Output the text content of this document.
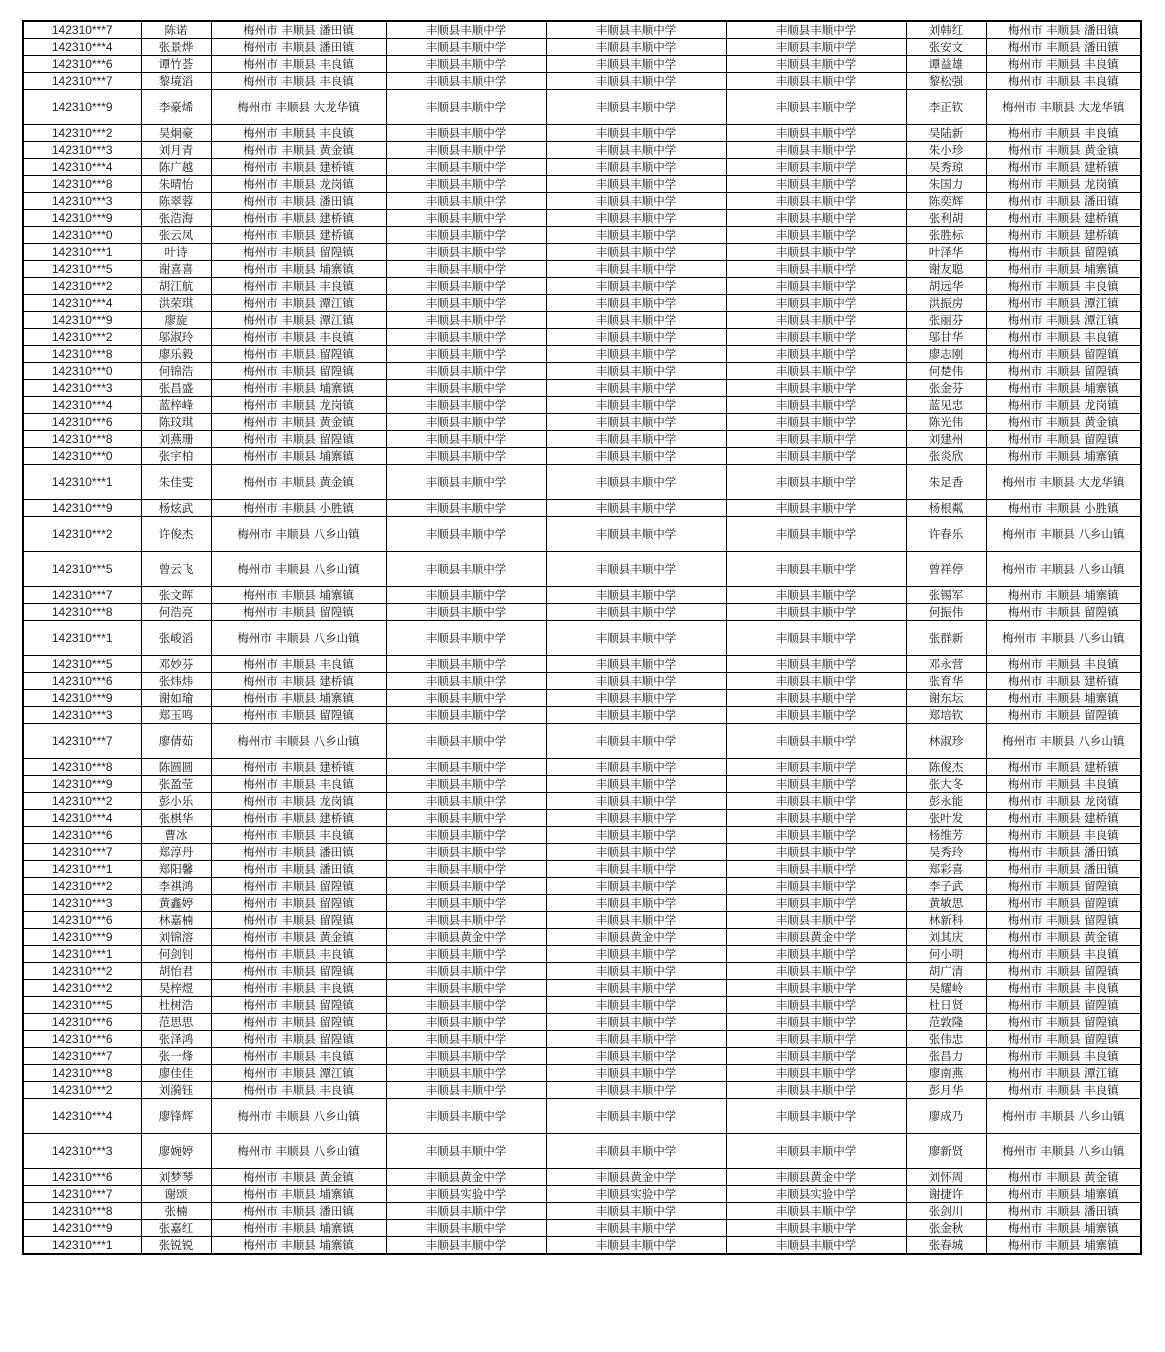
142310***7	陈诺	梅州市 丰顺县 潘田镇	丰顺县丰顺中学	丰顺县丰顺中学	丰顺县丰顺中学	刘韩红	梅州市 丰顺县 潘田镇
142310***4	张景烨	梅州市 丰顺县 潘田镇	丰顺县丰顺中学	丰顺县丰顺中学	丰顺县丰顺中学	张安文	梅州市 丰顺县 潘田镇
142310***6	谭竹荟	梅州市 丰顺县 丰良镇	丰顺县丰顺中学	丰顺县丰顺中学	丰顺县丰顺中学	谭益雄	梅州市 丰顺县 丰良镇
142310***7	黎境滔	梅州市 丰顺县 丰良镇	丰顺县丰顺中学	丰顺县丰顺中学	丰顺县丰顺中学	黎松强	梅州市 丰顺县 丰良镇
142310***9	李豪烯	梅州市 丰顺县 大龙华镇	丰顺县丰顺中学	丰顺县丰顺中学	丰顺县丰顺中学	李正钦	梅州市 丰顺县 大龙华镇
142310***2	吴炯豪	梅州市 丰顺县 丰良镇	丰顺县丰顺中学	丰顺县丰顺中学	丰顺县丰顺中学	吴陆新	梅州市 丰顺县 丰良镇
142310***3	刘月青	梅州市 丰顺县 黄金镇	丰顺县丰顺中学	丰顺县丰顺中学	丰顺县丰顺中学	朱小珍	梅州市 丰顺县 黄金镇
142310***4	陈广越	梅州市 丰顺县 建桥镇	丰顺县丰顺中学	丰顺县丰顺中学	丰顺县丰顺中学	吴秀琼	梅州市 丰顺县 建桥镇
142310***8	朱晴怡	梅州市 丰顺县 龙岗镇	丰顺县丰顺中学	丰顺县丰顺中学	丰顺县丰顺中学	朱国力	梅州市 丰顺县 龙岗镇
142310***3	陈翠蓉	梅州市 丰顺县 潘田镇	丰顺县丰顺中学	丰顺县丰顺中学	丰顺县丰顺中学	陈奕辉	梅州市 丰顺县 潘田镇
142310***9	张浩海	梅州市 丰顺县 建桥镇	丰顺县丰顺中学	丰顺县丰顺中学	丰顺县丰顺中学	张利胡	梅州市 丰顺县 建桥镇
142310***0	张云凤	梅州市 丰顺县 建桥镇	丰顺县丰顺中学	丰顺县丰顺中学	丰顺县丰顺中学	张胜标	梅州市 丰顺县 建桥镇
142310***1	叶诗	梅州市 丰顺县 留隍镇	丰顺县丰顺中学	丰顺县丰顺中学	丰顺县丰顺中学	叶泽华	梅州市 丰顺县 留隍镇
142310***5	谢喜喜	梅州市 丰顺县 埔寨镇	丰顺县丰顺中学	丰顺县丰顺中学	丰顺县丰顺中学	谢友聪	梅州市 丰顺县 埔寨镇
142310***2	胡江航	梅州市 丰顺县 丰良镇	丰顺县丰顺中学	丰顺县丰顺中学	丰顺县丰顺中学	胡远华	梅州市 丰顺县 丰良镇
142310***4	洪荣琪	梅州市 丰顺县 潭江镇	丰顺县丰顺中学	丰顺县丰顺中学	丰顺县丰顺中学	洪振房	梅州市 丰顺县 潭江镇
142310***9	廖旋	梅州市 丰顺县 潭江镇	丰顺县丰顺中学	丰顺县丰顺中学	丰顺县丰顺中学	张丽芬	梅州市 丰顺县 潭江镇
142310***2	邬淑玲	梅州市 丰顺县 丰良镇	丰顺县丰顺中学	丰顺县丰顺中学	丰顺县丰顺中学	邬甘华	梅州市 丰顺县 丰良镇
142310***8	廖乐毅	梅州市 丰顺县 留隍镇	丰顺县丰顺中学	丰顺县丰顺中学	丰顺县丰顺中学	廖志刚	梅州市 丰顺县 留隍镇
142310***0	何锦浩	梅州市 丰顺县 留隍镇	丰顺县丰顺中学	丰顺县丰顺中学	丰顺县丰顺中学	何楚伟	梅州市 丰顺县 留隍镇
142310***3	张昌盛	梅州市 丰顺县 埔寨镇	丰顺县丰顺中学	丰顺县丰顺中学	丰顺县丰顺中学	张金芬	梅州市 丰顺县 埔寨镇
142310***4	蓝梓峰	梅州市 丰顺县 龙岗镇	丰顺县丰顺中学	丰顺县丰顺中学	丰顺县丰顺中学	蓝见忠	梅州市 丰顺县 龙岗镇
142310***6	陈玟琪	梅州市 丰顺县 黄金镇	丰顺县丰顺中学	丰顺县丰顺中学	丰顺县丰顺中学	陈光伟	梅州市 丰顺县 黄金镇
142310***8	刘燕珊	梅州市 丰顺县 留隍镇	丰顺县丰顺中学	丰顺县丰顺中学	丰顺县丰顺中学	刘建州	梅州市 丰顺县 留隍镇
142310***0	张宇柏	梅州市 丰顺县 埔寨镇	丰顺县丰顺中学	丰顺县丰顺中学	丰顺县丰顺中学	张炎欣	梅州市 丰顺县 埔寨镇
142310***1	朱佳雯	梅州市 丰顺县 黄金镇	丰顺县丰顺中学	丰顺县丰顺中学	丰顺县丰顺中学	朱足香	梅州市 丰顺县 大龙华镇
142310***9	杨炫武	梅州市 丰顺县 小胜镇	丰顺县丰顺中学	丰顺县丰顺中学	丰顺县丰顺中学	杨根粼	梅州市 丰顺县 小胜镇
142310***2	许俊杰	梅州市 丰顺县 八乡山镇	丰顺县丰顺中学	丰顺县丰顺中学	丰顺县丰顺中学	许春乐	梅州市 丰顺县 八乡山镇
142310***5	曾云飞	梅州市 丰顺县 八乡山镇	丰顺县丰顺中学	丰顺县丰顺中学	丰顺县丰顺中学	曾祥停	梅州市 丰顺县 八乡山镇
142310***7	张文晖	梅州市 丰顺县 埔寨镇	丰顺县丰顺中学	丰顺县丰顺中学	丰顺县丰顺中学	张锡军	梅州市 丰顺县 埔寨镇
142310***8	何浩亮	梅州市 丰顺县 留隍镇	丰顺县丰顺中学	丰顺县丰顺中学	丰顺县丰顺中学	何振伟	梅州市 丰顺县 留隍镇
142310***1	张峻滔	梅州市 丰顺县 八乡山镇	丰顺县丰顺中学	丰顺县丰顺中学	丰顺县丰顺中学	张群新	梅州市 丰顺县 八乡山镇
142310***5	邓妙芬	梅州市 丰顺县 丰良镇	丰顺县丰顺中学	丰顺县丰顺中学	丰顺县丰顺中学	邓永营	梅州市 丰顺县 丰良镇
142310***6	张炜炜	梅州市 丰顺县 建桥镇	丰顺县丰顺中学	丰顺县丰顺中学	丰顺县丰顺中学	张育华	梅州市 丰顺县 建桥镇
142310***9	谢如瑜	梅州市 丰顺县 埔寨镇	丰顺县丰顺中学	丰顺县丰顺中学	丰顺县丰顺中学	谢东坛	梅州市 丰顺县 埔寨镇
142310***3	郑玉鸣	梅州市 丰顺县 留隍镇	丰顺县丰顺中学	丰顺县丰顺中学	丰顺县丰顺中学	郑培钦	梅州市 丰顺县 留隍镇
142310***7	廖倩茹	梅州市 丰顺县 八乡山镇	丰顺县丰顺中学	丰顺县丰顺中学	丰顺县丰顺中学	林淑珍	梅州市 丰顺县 八乡山镇
142310***8	陈圆圆	梅州市 丰顺县 建桥镇	丰顺县丰顺中学	丰顺县丰顺中学	丰顺县丰顺中学	陈俊杰	梅州市 丰顺县 建桥镇
142310***9	张盈莹	梅州市 丰顺县 丰良镇	丰顺县丰顺中学	丰顺县丰顺中学	丰顺县丰顺中学	张大冬	梅州市 丰顺县 丰良镇
142310***2	彭小乐	梅州市 丰顺县 龙岗镇	丰顺县丰顺中学	丰顺县丰顺中学	丰顺县丰顺中学	彭永能	梅州市 丰顺县 龙岗镇
142310***4	张棋华	梅州市 丰顺县 建桥镇	丰顺县丰顺中学	丰顺县丰顺中学	丰顺县丰顺中学	张叶发	梅州市 丰顺县 建桥镇
142310***6	曹冰	梅州市 丰顺县 丰良镇	丰顺县丰顺中学	丰顺县丰顺中学	丰顺县丰顺中学	杨维芳	梅州市 丰顺县 丰良镇
142310***7	郑淳丹	梅州市 丰顺县 潘田镇	丰顺县丰顺中学	丰顺县丰顺中学	丰顺县丰顺中学	吴秀玲	梅州市 丰顺县 潘田镇
142310***1	郑阳馨	梅州市 丰顺县 潘田镇	丰顺县丰顺中学	丰顺县丰顺中学	丰顺县丰顺中学	郑彩喜	梅州市 丰顺县 潘田镇
142310***2	李祺鸿	梅州市 丰顺县 留隍镇	丰顺县丰顺中学	丰顺县丰顺中学	丰顺县丰顺中学	李子武	梅州市 丰顺县 留隍镇
142310***3	黄鑫婷	梅州市 丰顺县 留隍镇	丰顺县丰顺中学	丰顺县丰顺中学	丰顺县丰顺中学	黄敏思	梅州市 丰顺县 留隍镇
142310***6	林嘉楠	梅州市 丰顺县 留隍镇	丰顺县丰顺中学	丰顺县丰顺中学	丰顺县丰顺中学	林新科	梅州市 丰顺县 留隍镇
142310***9	刘锦溶	梅州市 丰顺县 黄金镇	丰顺县黄金中学	丰顺县黄金中学	丰顺县黄金中学	刘其庆	梅州市 丰顺县 黄金镇
142310***1	何剑钊	梅州市 丰顺县 丰良镇	丰顺县丰顺中学	丰顺县丰顺中学	丰顺县丰顺中学	何小明	梅州市 丰顺县 丰良镇
142310***2	胡怡君	梅州市 丰顺县 留隍镇	丰顺县丰顺中学	丰顺县丰顺中学	丰顺县丰顺中学	胡广清	梅州市 丰顺县 留隍镇
142310***2	吴梓煜	梅州市 丰顺县 丰良镇	丰顺县丰顺中学	丰顺县丰顺中学	丰顺县丰顺中学	吴耀岭	梅州市 丰顺县 丰良镇
142310***5	杜树浩	梅州市 丰顺县 留隍镇	丰顺县丰顺中学	丰顺县丰顺中学	丰顺县丰顺中学	杜日贤	梅州市 丰顺县 留隍镇
142310***6	范思思	梅州市 丰顺县 留隍镇	丰顺县丰顺中学	丰顺县丰顺中学	丰顺县丰顺中学	范敦隆	梅州市 丰顺县 留隍镇
142310***6	张泽鸿	梅州市 丰顺县 留隍镇	丰顺县丰顺中学	丰顺县丰顺中学	丰顺县丰顺中学	张伟忠	梅州市 丰顺县 留隍镇
142310***7	张一烽	梅州市 丰顺县 丰良镇	丰顺县丰顺中学	丰顺县丰顺中学	丰顺县丰顺中学	张昌力	梅州市 丰顺县 丰良镇
142310***8	廖佳佳	梅州市 丰顺县 潭江镇	丰顺县丰顺中学	丰顺县丰顺中学	丰顺县丰顺中学	廖南燕	梅州市 丰顺县 潭江镇
142310***2	刘漪钰	梅州市 丰顺县 丰良镇	丰顺县丰顺中学	丰顺县丰顺中学	丰顺县丰顺中学	彭月华	梅州市 丰顺县 丰良镇
142310***4	廖锋辉	梅州市 丰顺县 八乡山镇	丰顺县丰顺中学	丰顺县丰顺中学	丰顺县丰顺中学	廖成乃	梅州市 丰顺县 八乡山镇
142310***3	廖婉婷	梅州市 丰顺县 八乡山镇	丰顺县丰顺中学	丰顺县丰顺中学	丰顺县丰顺中学	廖新贤	梅州市 丰顺县 八乡山镇
142310***6	刘梦琴	梅州市 丰顺县 黄金镇	丰顺县黄金中学	丰顺县黄金中学	丰顺县黄金中学	刘怀周	梅州市 丰顺县 黄金镇
142310***7	谢颂	梅州市 丰顺县 埔寨镇	丰顺县实验中学	丰顺县实验中学	丰顺县实验中学	谢捷许	梅州市 丰顺县 埔寨镇
142310***8	张楠	梅州市 丰顺县 潘田镇	丰顺县丰顺中学	丰顺县丰顺中学	丰顺县丰顺中学	张剑川	梅州市 丰顺县 潘田镇
142310***9	张嘉红	梅州市 丰顺县 埔寨镇	丰顺县丰顺中学	丰顺县丰顺中学	丰顺县丰顺中学	张金秋	梅州市 丰顺县 埔寨镇
142310***1	张锐锐	梅州市 丰顺县 埔寨镇	丰顺县丰顺中学	丰顺县丰顺中学	丰顺县丰顺中学	张春城	梅州市 丰顺县 埔寨镇
